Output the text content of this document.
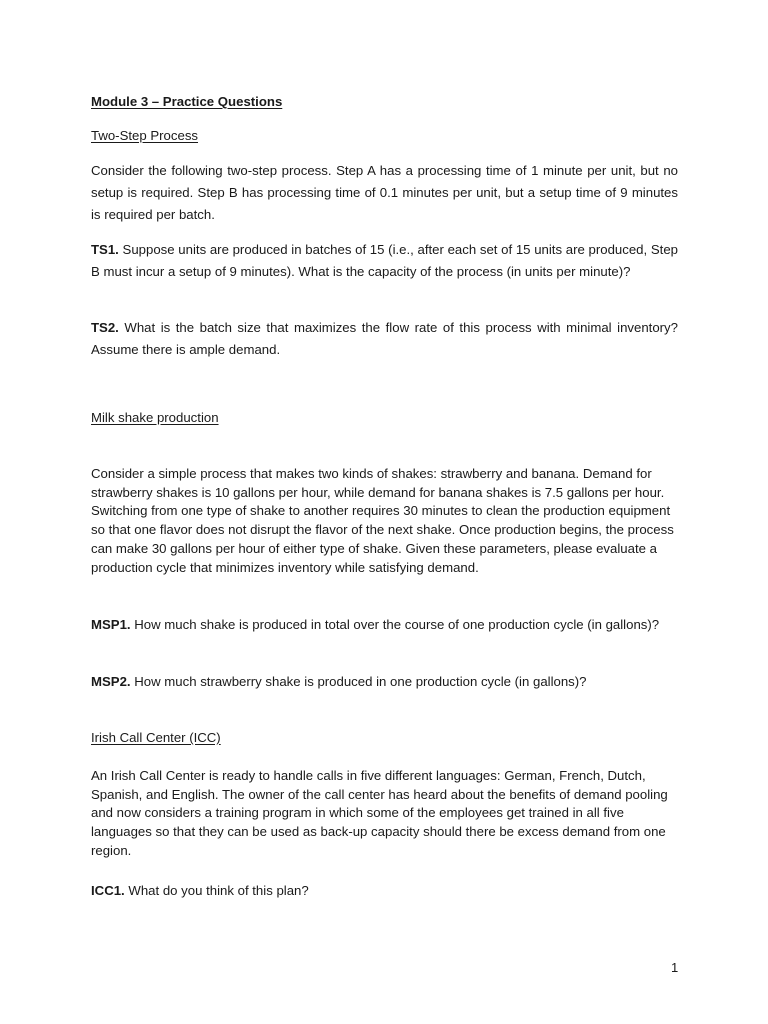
Module 3 – Practice Questions
Two-Step Process

Consider the following two-step process. Step A has a processing time of 1 minute per unit, but no setup is required. Step B has processing time of 0.1 minutes per unit, but a setup time of 9 minutes is required per batch.

TS1. Suppose units are produced in batches of 15 (i.e., after each set of 15 units are produced, Step B must incur a setup of 9 minutes). What is the capacity of the process (in units per minute)?

TS2. What is the batch size that maximizes the flow rate of this process with minimal inventory? Assume there is ample demand.

Milk shake production

Consider a simple process that makes two kinds of shakes: strawberry and banana. Demand for strawberry shakes is 10 gallons per hour, while demand for banana shakes is 7.5 gallons per hour. Switching from one type of shake to another requires 30 minutes to clean the production equipment so that one flavor does not disrupt the flavor of the next shake. Once production begins, the process can make 30 gallons per hour of either type of shake. Given these parameters, please evaluate a production cycle that minimizes inventory while satisfying demand.

MSP1. How much shake is produced in total over the course of one production cycle (in gallons)?

MSP2. How much strawberry shake is produced in one production cycle (in gallons)?

Irish Call Center (ICC)

An Irish Call Center is ready to handle calls in five different languages: German, French, Dutch, Spanish, and English. The owner of the call center has heard about the benefits of demand pooling and now considers a training program in which some of the employees get trained in all five languages so that they can be used as back-up capacity should there be excess demand from one region.

ICC1. What do you think of this plan?

1
